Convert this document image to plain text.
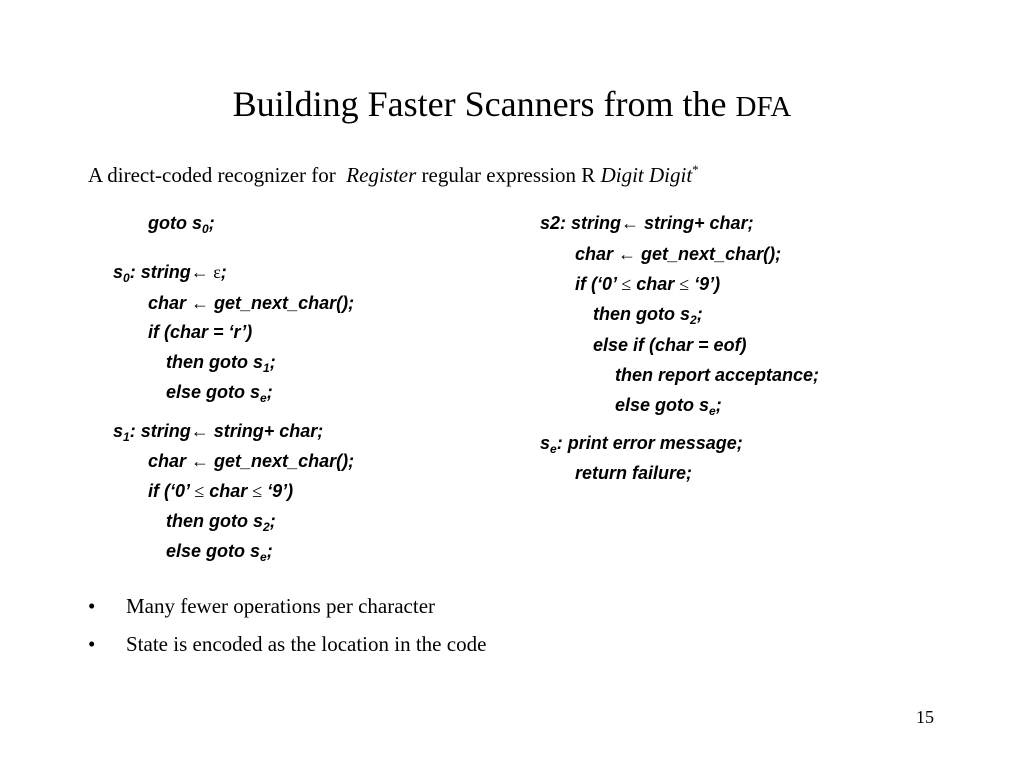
Building Faster Scanners from the DFA
A direct-coded recognizer for Register regular expression R Digit Digit*
goto $s_0$;
$s_0$: string← ε;
char ← get_next_char();
if (char = ‘r’)
then goto $s_1$;
else goto $s_e$;
$s_1$: string← string+ char;
char ← get_next_char();
if (‘0’ ≤ char ≤ ‘9’)
then goto $s_2$;
else goto $s_e$;
s2: string← string+ char;
char ← get_next_char();
if (‘0’ ≤ char ≤ ‘9’)
then goto $s_2$;
else if (char = eof)
then report acceptance;
else goto $s_e$;
$s_e$: print error message;
return failure;
• Many fewer operations per character
• State is encoded as the location in the code
15
